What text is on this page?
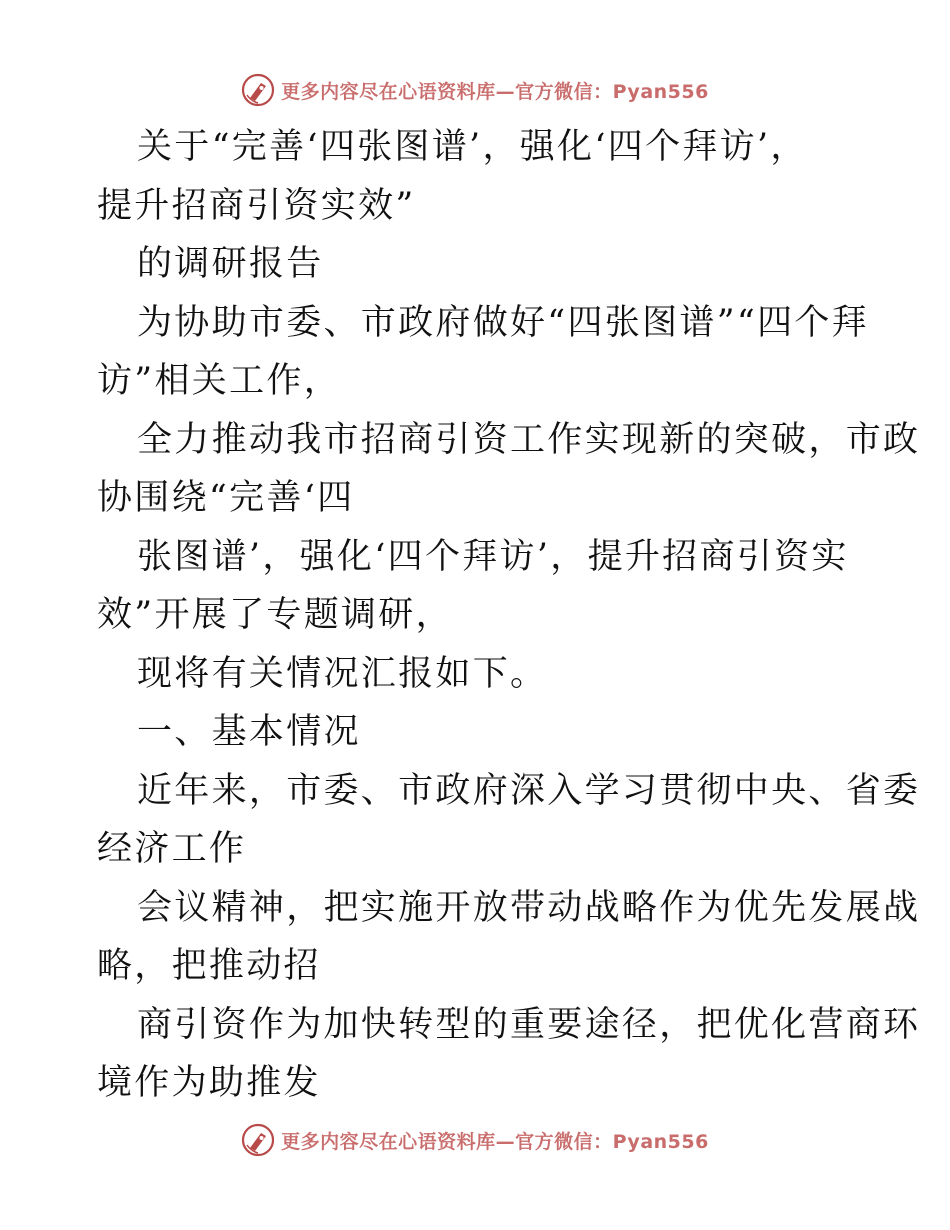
更多内容尽在心语资料库—官方微信：Pyan556
关于“完善‘四张图谱’，强化‘四个拜访’，
提升招商引资实效”
的调研报告
为协助市委、市政府做好“四张图谱”“四个拜
访”相关工作，
全力推动我市招商引资工作实现新的突破，市政
协围绕“完善‘四
张图谱’，强化‘四个拜访’，提升招商引资实
效”开展了专题调研，
现将有关情况汇报如下。
一、基本情况
近年来，市委、市政府深入学习贯彻中央、省委
经济工作
会议精神，把实施开放带动战略作为优先发展战
略，把推动招
商引资作为加快转型的重要途径，把优化营商环
境作为助推发
更多内容尽在心语资料库—官方微信：Pyan556
